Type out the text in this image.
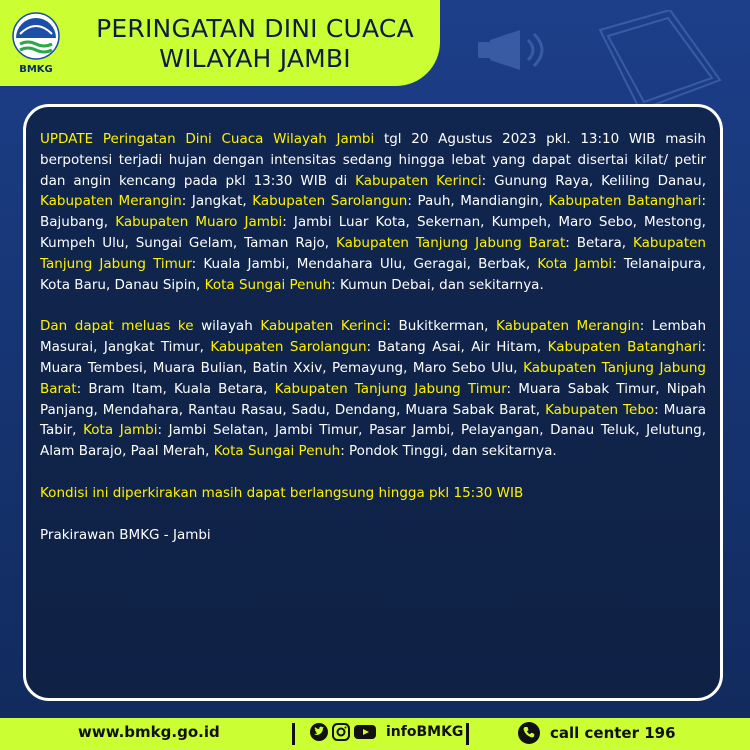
BMKG
PERINGATAN DINI CUACA
WILAYAH JAMBI

UPDATE Peringatan Dini Cuaca Wilayah Jambi tgl 20 Agustus 2023 pkl. 13:10 WIB masih berpotensi terjadi hujan dengan intensitas sedang hingga lebat yang dapat disertai kilat/ petir dan angin kencang pada pkl 13:30 WIB di Kabupaten Kerinci: Gunung Raya, Keliling Danau, Kabupaten Merangin: Jangkat, Kabupaten Sarolangun: Pauh, Mandiangin, Kabupaten Batanghari: Bajubang, Kabupaten Muaro Jambi: Jambi Luar Kota, Sekernan, Kumpeh, Maro Sebo, Mestong, Kumpeh Ulu, Sungai Gelam, Taman Rajo, Kabupaten Tanjung Jabung Barat: Betara, Kabupaten Tanjung Jabung Timur: Kuala Jambi, Mendahara Ulu, Geragai, Berbak, Kota Jambi: Telanaipura, Kota Baru, Danau Sipin, Kota Sungai Penuh: Kumun Debai, dan sekitarnya.

Dan dapat meluas ke wilayah Kabupaten Kerinci: Bukitkerman, Kabupaten Merangin: Lembah Masurai, Jangkat Timur, Kabupaten Sarolangun: Batang Asai, Air Hitam, Kabupaten Batanghari: Muara Tembesi, Muara Bulian, Batin Xxiv, Pemayung, Maro Sebo Ulu, Kabupaten Tanjung Jabung Barat: Bram Itam, Kuala Betara, Kabupaten Tanjung Jabung Timur: Muara Sabak Timur, Nipah Panjang, Mendahara, Rantau Rasau, Sadu, Dendang, Muara Sabak Barat, Kabupaten Tebo: Muara Tabir, Kota Jambi: Jambi Selatan, Jambi Timur, Pasar Jambi, Pelayangan, Danau Teluk, Jelutung, Alam Barajo, Paal Merah, Kota Sungai Penuh: Pondok Tinggi, dan sekitarnya.

Kondisi ini diperkirakan masih dapat berlangsung hingga pkl 15:30 WIB

Prakirawan BMKG - Jambi

www.bmkg.go.id	infoBMKG	call center 196
